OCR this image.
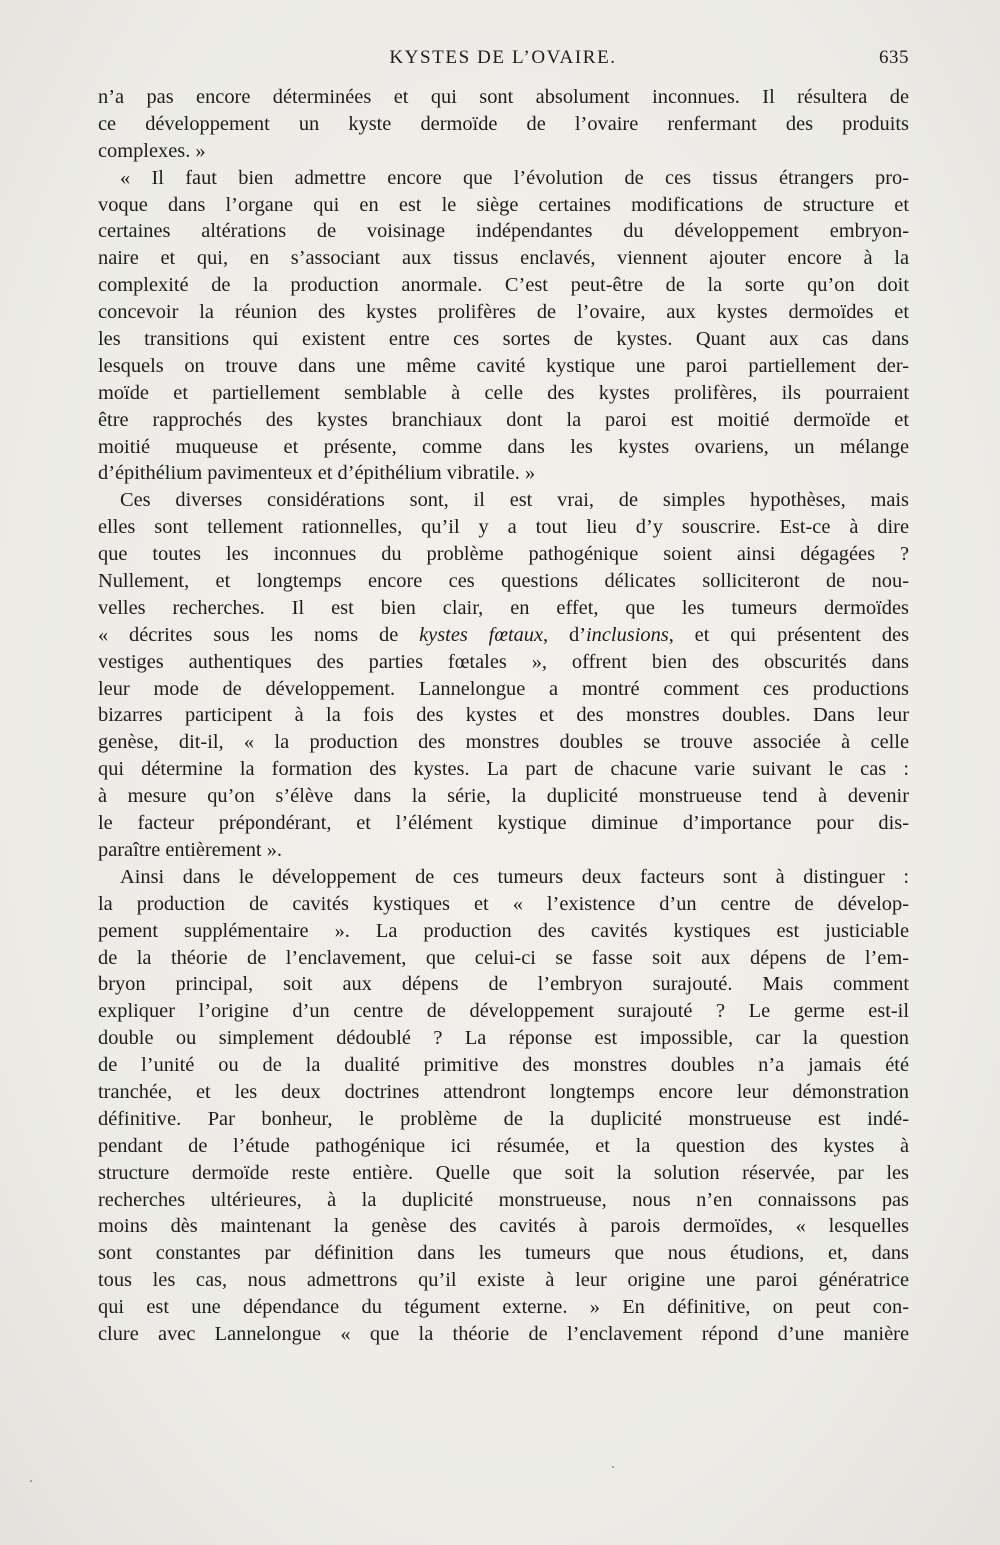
KYSTES DE L’OVAIRE.	635
n’a pas encore déterminées et qui sont absolument inconnues. Il résultera de
ce développement un kyste dermoïde de l’ovaire renfermant des produits
complexes. »
« Il faut bien admettre encore que l’évolution de ces tissus étrangers pro-
voque dans l’organe qui en est le siège certaines modifications de structure et
certaines altérations de voisinage indépendantes du développement embryon-
naire et qui, en s’associant aux tissus enclavés, viennent ajouter encore à la
complexité de la production anormale. C’est peut-être de la sorte qu’on doit
concevoir la réunion des kystes prolifères de l’ovaire, aux kystes dermoïdes et
les transitions qui existent entre ces sortes de kystes. Quant aux cas dans
lesquels on trouve dans une même cavité kystique une paroi partiellement der-
moïde et partiellement semblable à celle des kystes prolifères, ils pourraient
être rapprochés des kystes branchiaux dont la paroi est moitié dermoïde et
moitié muqueuse et présente, comme dans les kystes ovariens, un mélange
d’épithélium pavimenteux et d’épithélium vibratile. »
Ces diverses considérations sont, il est vrai, de simples hypothèses, mais
elles sont tellement rationnelles, qu’il y a tout lieu d’y souscrire. Est-ce à dire
que toutes les inconnues du problème pathogénique soient ainsi dégagées ?
Nullement, et longtemps encore ces questions délicates solliciteront de nou-
velles recherches. Il est bien clair, en effet, que les tumeurs dermoïdes
« décrites sous les noms de kystes fœtaux, d’inclusions, et qui présentent des
vestiges authentiques des parties fœtales », offrent bien des obscurités dans
leur mode de développement. Lannelongue a montré comment ces productions
bizarres participent à la fois des kystes et des monstres doubles. Dans leur
genèse, dit-il, « la production des monstres doubles se trouve associée à celle
qui détermine la formation des kystes. La part de chacune varie suivant le cas :
à mesure qu’on s’élève dans la série, la duplicité monstrueuse tend à devenir
le facteur prépondérant, et l’élément kystique diminue d’importance pour dis-
paraître entièrement ».
Ainsi dans le développement de ces tumeurs deux facteurs sont à distinguer :
la production de cavités kystiques et « l’existence d’un centre de dévelop-
pement supplémentaire ». La production des cavités kystiques est justiciable
de la théorie de l’enclavement, que celui-ci se fasse soit aux dépens de l’em-
bryon principal, soit aux dépens de l’embryon surajouté. Mais comment
expliquer l’origine d’un centre de développement surajouté ? Le germe est-il
double ou simplement dédoublé ? La réponse est impossible, car la question
de l’unité ou de la dualité primitive des monstres doubles n’a jamais été
tranchée, et les deux doctrines attendront longtemps encore leur démonstration
définitive. Par bonheur, le problème de la duplicité monstrueuse est indé-
pendant de l’étude pathogénique ici résumée, et la question des kystes à
structure dermoïde reste entière. Quelle que soit la solution réservée, par les
recherches ultérieures, à la duplicité monstrueuse, nous n’en connaissons pas
moins dès maintenant la genèse des cavités à parois dermoïdes, « lesquelles
sont constantes par définition dans les tumeurs que nous étudions, et, dans
tous les cas, nous admettrons qu’il existe à leur origine une paroi génératrice
qui est une dépendance du tégument externe. » En définitive, on peut con-
clure avec Lannelongue « que la théorie de l’enclavement répond d’une manière
